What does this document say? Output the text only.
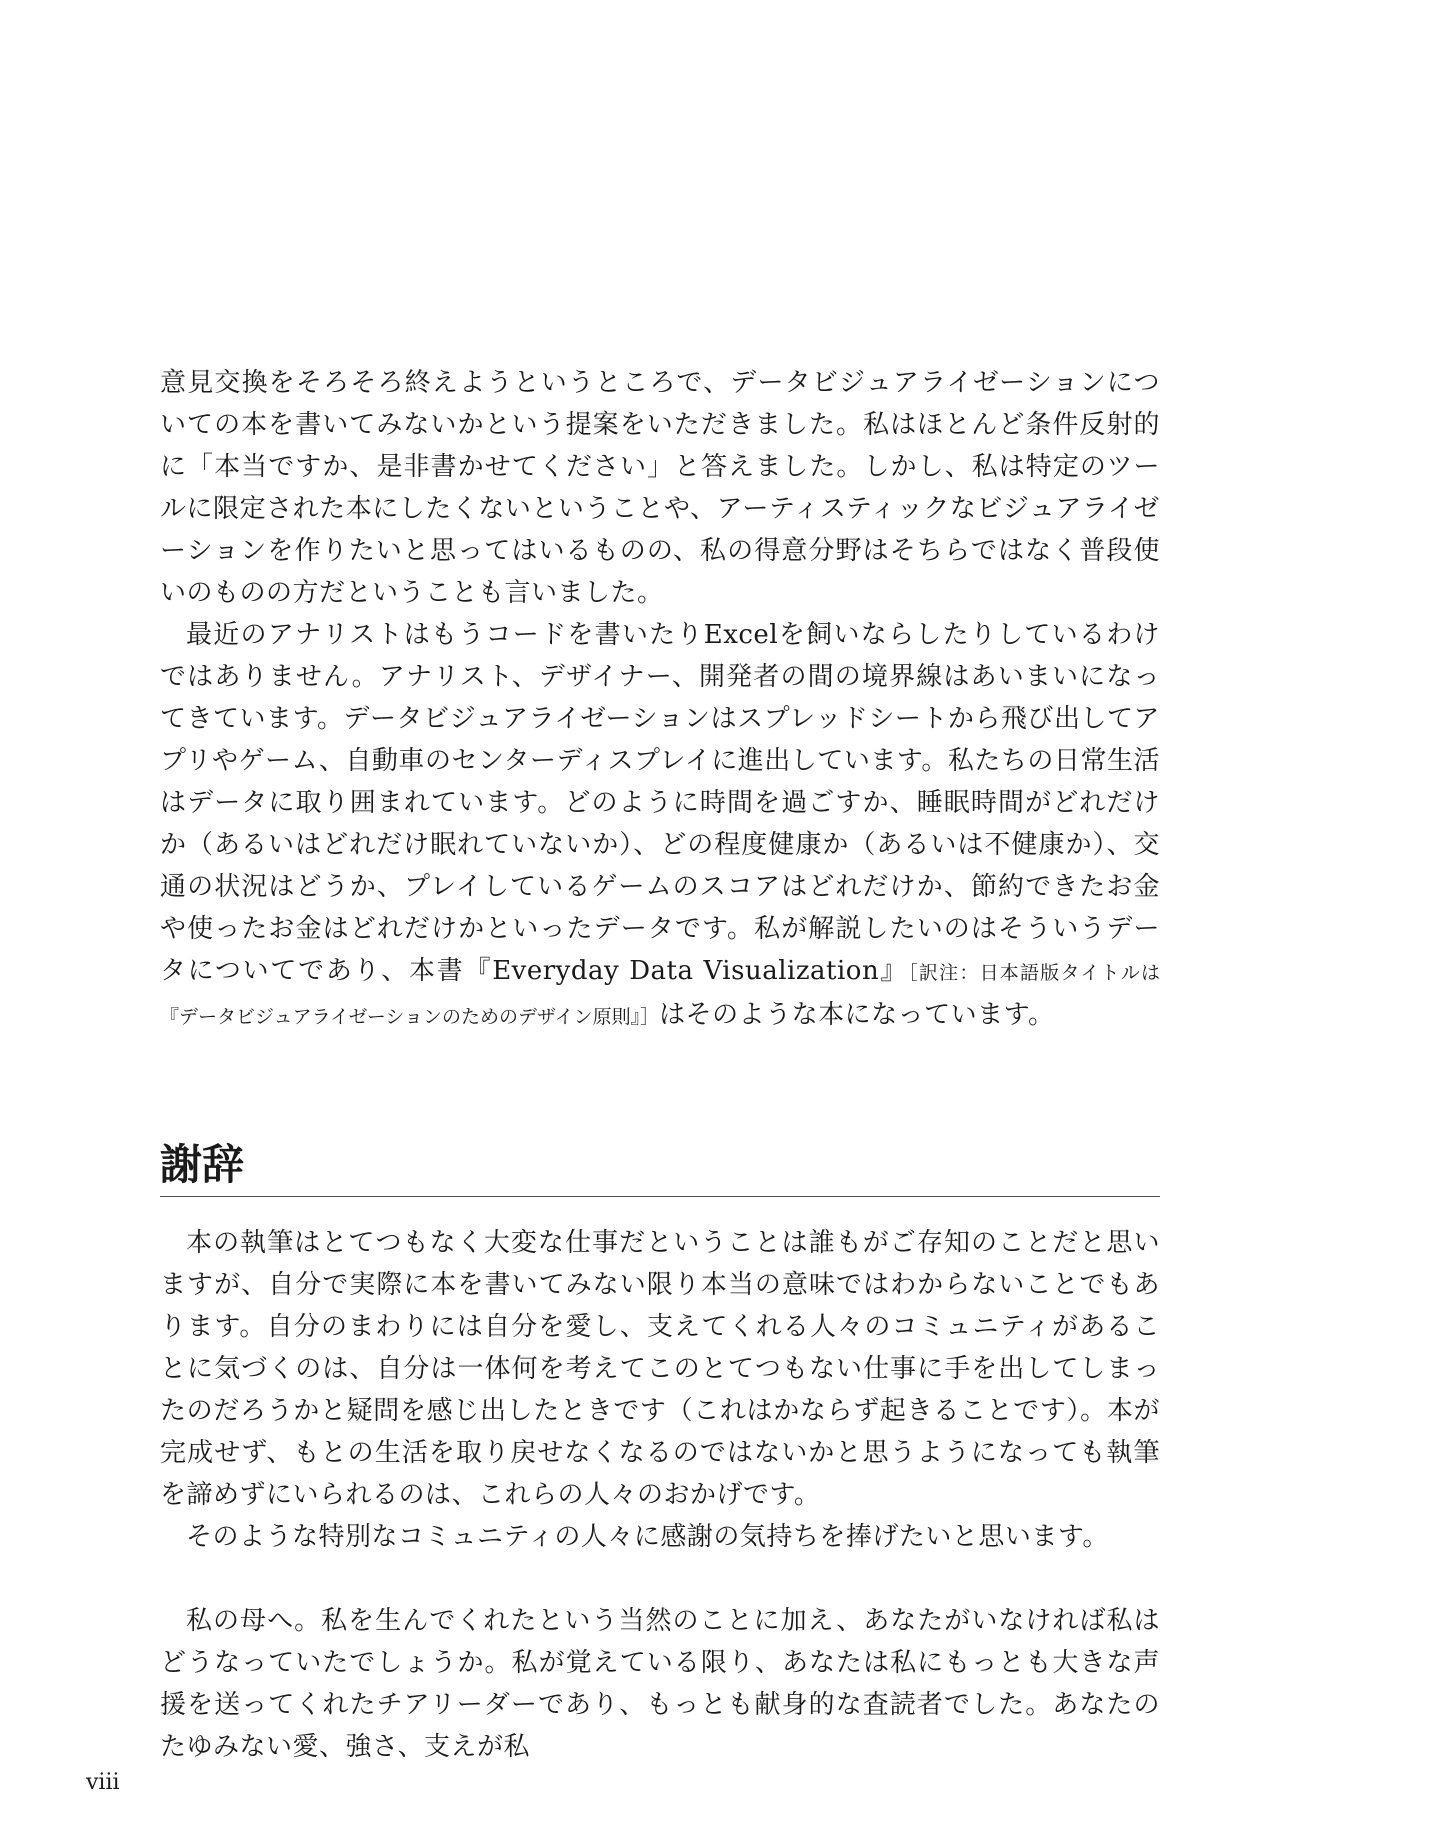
意見交換をそろそろ終えようというところで、データビジュアライゼーションについての本を書いてみないかという提案をいただきました。私はほとんど条件反射的に「本当ですか、是非書かせてください」と答えました。しかし、私は特定のツールに限定された本にしたくないということや、アーティスティックなビジュアライゼーションを作りたいと思ってはいるものの、私の得意分野はそちらではなく普段使いのものの方だということも言いました。

最近のアナリストはもうコードを書いたりExcelを飼いならしたりしているわけではありません。アナリスト、デザイナー、開発者の間の境界線はあいまいになってきています。データビジュアライゼーションはスプレッドシートから飛び出してアプリやゲーム、自動車のセンターディスプレイに進出しています。私たちの日常生活はデータに取り囲まれています。どのように時間を過ごすか、睡眠時間がどれだけか（あるいはどれだけ眠れていないか）、どの程度健康か（あるいは不健康か）、交通の状況はどうか、プレイしているゲームのスコアはどれだけか、節約できたお金や使ったお金はどれだけかといったデータです。私が解説したいのはそういうデータについてであり、本書『Everyday Data Visualization』［訳注：日本語版タイトルは『データビジュアライゼーションのためのデザイン原則』］はそのような本になっています。

謝辞

本の執筆はとてつもなく大変な仕事だということは誰もがご存知のことだと思いますが、自分で実際に本を書いてみない限り本当の意味ではわからないことでもあります。自分のまわりには自分を愛し、支えてくれる人々のコミュニティがあることに気づくのは、自分は一体何を考えてこのとてつもない仕事に手を出してしまったのだろうかと疑問を感じ出したときです（これはかならず起きることです）。本が完成せず、もとの生活を取り戻せなくなるのではないかと思うようになっても執筆を諦めずにいられるのは、これらの人々のおかげです。

そのような特別なコミュニティの人々に感謝の気持ちを捧げたいと思います。

私の母へ。私を生んでくれたという当然のことに加え、あなたがいなければ私はどうなっていたでしょうか。私が覚えている限り、あなたは私にもっとも大きな声援を送ってくれたチアリーダーであり、もっとも献身的な査読者でした。あなたのたゆみない愛、強さ、支えが私

viii
